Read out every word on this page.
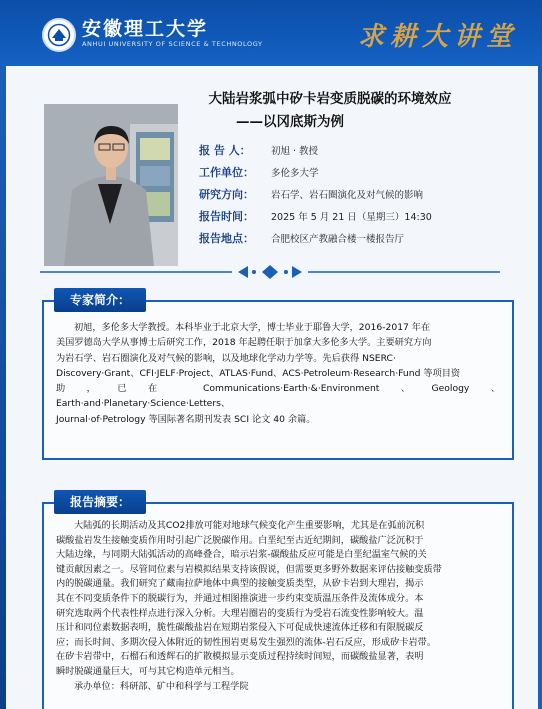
安徽理工大学
ANHUI UNIVERSITY OF SCIENCE & TECHNOLOGY	求耕大讲堂
大陆岩浆弧中矽卡岩变质脱碳的环境效应
——以冈底斯为例
报 告 人：	初旭 · 教授
工作单位：	多伦多大学
研究方向：	岩石学、岩石圈演化及对气候的影响
报告时间：	2025 年 5 月 21 日（星期三）14:30
报告地点：	合肥校区产教融合楼一楼报告厅
专家简介：
初旭，多伦多大学教授。本科毕业于北京大学，博士毕业于耶鲁大学，2016-2017 年在
美国罗德岛大学从事博士后研究工作，2018 年起聘任职于加拿大多伦多大学。主要研究方向
为岩石学、岩石圈演化及对气候的影响，以及地球化学动力学等。先后获得 NSERC·
Discovery·Grant、CFI·JELF·Project、ATLAS·Fund、ACS·Petroleum·Research·Fund 等项目资
助，已在 Communications·Earth·&·Environment、Geology、Earth·and·Planetary·Science·Letters、
Journal·of·Petrology 等国际著名期刊发表 SCI 论文 40 余篇。
报告摘要：
大陆弧的长期活动及其CO2排放可能对地球气候变化产生重要影响，尤其是在弧前沉积
碳酸盐岩发生接触变质作用时引起广泛脱碳作用。白垩纪至古近纪期间，碳酸盐广泛沉积于
大陆边缘，与同期大陆弧活动的高峰叠合，暗示岩浆-碳酸盐反应可能是白垩纪温室气候的关
键贡献因素之一。尽管同位素与岩模拟结果支持该假说，但需要更多野外数据来评估接触变质带
内的脱碳通量。我们研究了藏南拉萨地体中典型的接触变质类型，从矽卡岩到大理岩，揭示
其在不同变质条件下的脱碳行为，并通过相图推演进一步约束变质温压条件及流体成分。本
研究选取两个代表性样点进行深入分析。大理岩圈岩的变质行为受岩石流变性影响较大。温
压计和同位素数据表明，脆性碳酸盐岩在短期岩浆侵入下可促成快速流体迁移和有限脱碳反
应；而长时间、多期次侵入体附近的韧性围岩更易发生强烈的流体-岩石反应，形成矽卡岩带。
在矽卡岩带中，石榴石和透辉石的扩散模拟显示变质过程持续时间短，而碳酸盐显著，表明
瞬时脱碳通量巨大，可与其它构造单元相当。
承办单位：科研部、矿中和科学与工程学院
